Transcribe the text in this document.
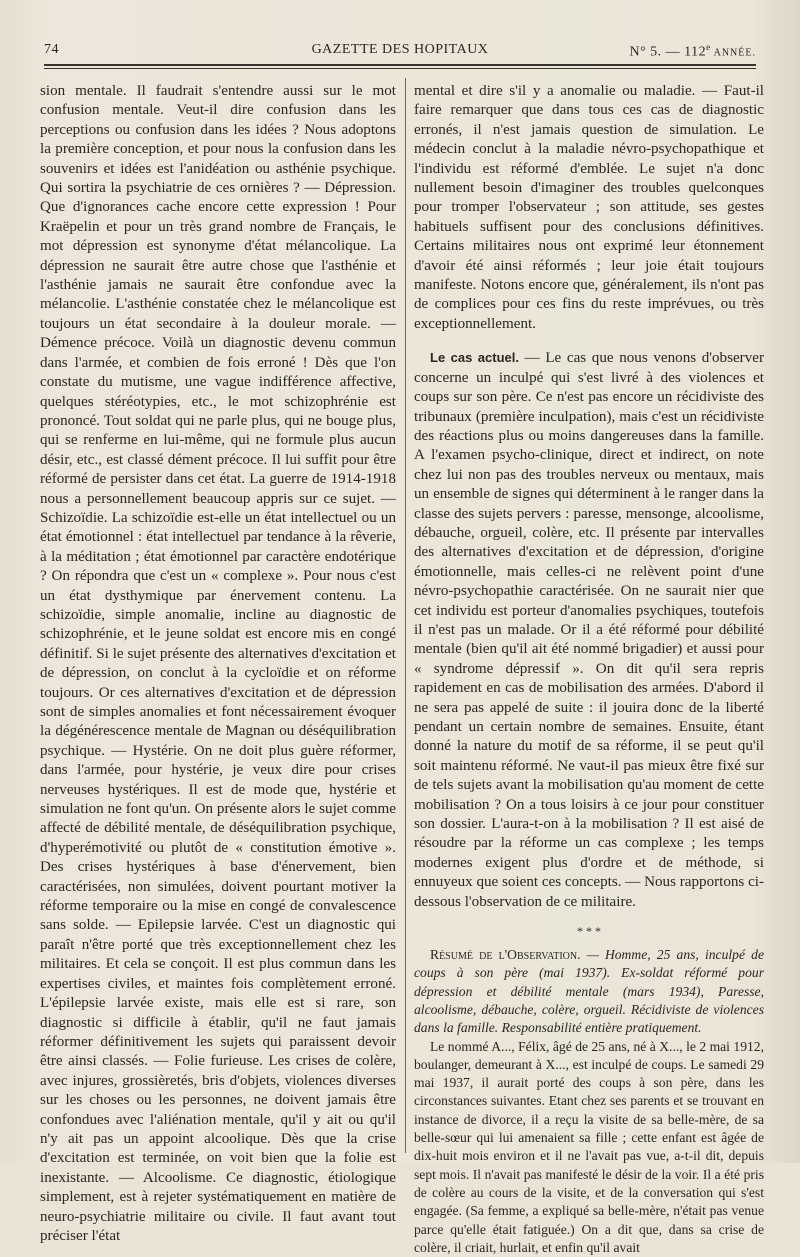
74	GAZETTE DES HOPITAUX	N° 5. — 112e ANNÉE.

sion mentale. Il faudrait s'entendre aussi sur le mot confusion mentale. Veut-il dire confusion dans les perceptions ou confusion dans les idées ? Nous adoptons la première conception, et pour nous la confusion dans les souvenirs et idées est l'anidéation ou asthénie psychique. Qui sortira la psychiatrie de ces ornières ? — Dépression. Que d'ignorances cache encore cette expression ! Pour Kraëpelin et pour un très grand nombre de Français, le mot dépression est synonyme d'état mélancolique. La dépression ne saurait être autre chose que l'asthénie et l'asthénie jamais ne saurait être confondue avec la mélancolie. L'asthénie constatée chez le mélancolique est toujours un état secondaire à la douleur morale. — Démence précoce. Voilà un diagnostic devenu commun dans l'armée, et combien de fois erroné ! Dès que l'on constate du mutisme, une vague indifférence affective, quelques stéréotypies, etc., le mot schizophrénie est prononcé. Tout soldat qui ne parle plus, qui ne bouge plus, qui se renferme en lui-même, qui ne formule plus aucun désir, etc., est classé dément précoce. Il lui suffit pour être réformé de persister dans cet état. La guerre de 1914-1918 nous a personnellement beaucoup appris sur ce sujet. — Schizoïdie. La schizoïdie est-elle un état intellectuel ou un état émotionnel : état intellectuel par tendance à la rêverie, à la méditation ; état émotionnel par caractère endotérique ? On répondra que c'est un « complexe ». Pour nous c'est un état dysthymique par énervement contenu. La schizoïdie, simple anomalie, incline au diagnostic de schizophrénie, et le jeune soldat est encore mis en congé définitif. Si le sujet présente des alternatives d'excitation et de dépression, on conclut à la cycloïdie et on réforme toujours. Or ces alternatives d'excitation et de dépression sont de simples anomalies et font nécessairement évoquer la dégénérescence mentale de Magnan ou déséquilibration psychique. — Hystérie. On ne doit plus guère réformer, dans l'armée, pour hystérie, je veux dire pour crises nerveuses hystériques. Il est de mode que, hystérie et simulation ne font qu'un. On présente alors le sujet comme affecté de débilité mentale, de déséquilibration psychique, d'hyperémotivité ou plutôt de « constitution émotive ». Des crises hystériques à base d'énervement, bien caractérisées, non simulées, doivent pourtant motiver la réforme temporaire ou la mise en congé de convalescence sans solde. — Epilepsie larvée. C'est un diagnostic qui paraît n'être porté que très exceptionnellement chez les militaires. Et cela se conçoit. Il est plus commun dans les expertises civiles, et maintes fois complètement erroné. L'épilepsie larvée existe, mais elle est si rare, son diagnostic si difficile à établir, qu'il ne faut jamais réformer définitivement les sujets qui paraissent devoir être ainsi classés. — Folie furieuse. Les crises de colère, avec injures, grossièretés, bris d'objets, violences diverses sur les choses ou les personnes, ne doivent jamais être confondues avec l'aliénation mentale, qu'il y ait ou qu'il n'y ait pas un appoint alcoolique. Dès que la crise d'excitation est terminée, on voit bien que la folie est inexistante. — Alcoolisme. Ce diagnostic, étiologique simplement, est à rejeter systématiquement en matière de neuro-psychiatrie militaire ou civile. Il faut avant tout préciser l'état

mental et dire s'il y a anomalie ou maladie. — Faut-il faire remarquer que dans tous ces cas de diagnostic erronés, il n'est jamais question de simulation. Le médecin conclut à la maladie névro-psychopathique et l'individu est réformé d'emblée. Le sujet n'a donc nullement besoin d'imaginer des troubles quelconques pour tromper l'observateur ; son attitude, ses gestes habituels suffisent pour des conclusions définitives. Certains militaires nous ont exprimé leur étonnement d'avoir été ainsi réformés ; leur joie était toujours manifeste. Notons encore que, généralement, ils n'ont pas de complices pour ces fins du reste imprévues, ou très exceptionnellement.

Le cas actuel. — Le cas que nous venons d'observer concerne un inculpé qui s'est livré à des violences et coups sur son père. Ce n'est pas encore un récidiviste des tribunaux (première inculpation), mais c'est un récidiviste des réactions plus ou moins dangereuses dans la famille. A l'examen psycho-clinique, direct et indirect, on note chez lui non pas des troubles nerveux ou mentaux, mais un ensemble de signes qui déterminent à le ranger dans la classe des sujets pervers : paresse, mensonge, alcoolisme, débauche, orgueil, colère, etc. Il présente par intervalles des alternatives d'excitation et de dépression, d'origine émotionnelle, mais celles-ci ne relèvent point d'une névro-psychopathie caractérisée. On ne saurait nier que cet individu est porteur d'anomalies psychiques, toutefois il n'est pas un malade. Or il a été réformé pour débilité mentale (bien qu'il ait été nommé brigadier) et aussi pour « syndrome dépressif ». On dit qu'il sera repris rapidement en cas de mobilisation des armées. D'abord il ne sera pas appelé de suite : il jouira donc de la liberté pendant un certain nombre de semaines. Ensuite, étant donné la nature du motif de sa réforme, il se peut qu'il soit maintenu réformé. Ne vaut-il pas mieux être fixé sur de tels sujets avant la mobilisation qu'au moment de cette mobilisation ? On a tous loisirs à ce jour pour constituer son dossier. L'aura-t-on à la mobilisation ? Il est aisé de résoudre par la réforme un cas complexe ; les temps modernes exigent plus d'ordre et de méthode, si ennuyeux que soient ces concepts. — Nous rapportons ci-dessous l'observation de ce militaire.

* * *

Résumé de l'Observation. — Homme, 25 ans, inculpé de coups à son père (mai 1937). Ex-soldat réformé pour dépression et débilité mentale (mars 1934), Paresse, alcoolisme, débauche, colère, orgueil. Récidiviste de violences dans la famille. Responsabilité entière pratiquement.

Le nommé A..., Félix, âgé de 25 ans, né à X..., le 2 mai 1912, boulanger, demeurant à X..., est inculpé de coups. Le samedi 29 mai 1937, il aurait porté des coups à son père, dans les circonstances suivantes. Etant chez ses parents et se trouvant en instance de divorce, il a reçu la visite de sa belle-mère, de sa belle-sœur qui lui amenaient sa fille ; cette enfant est âgée de dix-huit mois environ et il ne l'avait pas vue, a-t-il dit, depuis sept mois. Il n'avait pas manifesté le désir de la voir. Il a été pris de colère au cours de la visite, et de la conversation qui s'est engagée. (Sa femme, a expliqué sa belle-mère, n'était pas venue parce qu'elle était fatiguée.) On a dit que, dans sa crise de colère, il criait, hurlait, et enfin qu'il avait
